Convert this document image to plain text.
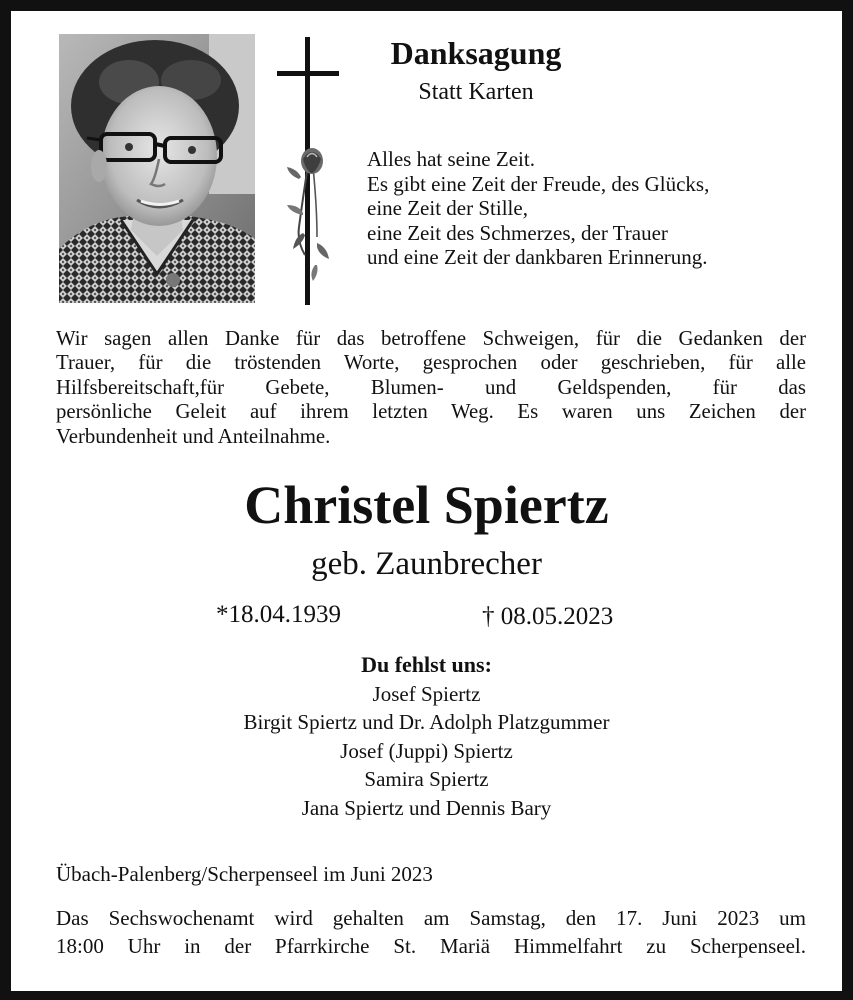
Danksagung
Statt Karten
Alles hat seine Zeit.
Es gibt eine Zeit der Freude, des Glücks,
eine Zeit der Stille,
eine Zeit des Schmerzes, der Trauer
und eine Zeit der dankbaren Erinnerung.
Wir sagen allen Danke für das betroffene Schweigen, für die Gedanken der
Trauer, für die tröstenden Worte, gesprochen oder geschrieben, für alle
Hilfsbereitschaft,für Gebete, Blumen- und Geldspenden, für das
persönliche Geleit auf ihrem letzten Weg. Es waren uns Zeichen der
Verbundenheit und Anteilnahme.
Christel Spiertz
geb. Zaunbrecher
*18.04.1939	† 08.05.2023
Du fehlst uns:
Josef Spiertz
Birgit Spiertz und Dr. Adolph Platzgummer
Josef (Juppi) Spiertz
Samira Spiertz
Jana Spiertz und Dennis Bary
Übach-Palenberg/Scherpenseel im Juni 2023
Das Sechswochenamt wird gehalten am Samstag, den 17. Juni 2023 um
18:00 Uhr in der Pfarrkirche St. Mariä Himmelfahrt zu Scherpenseel.
